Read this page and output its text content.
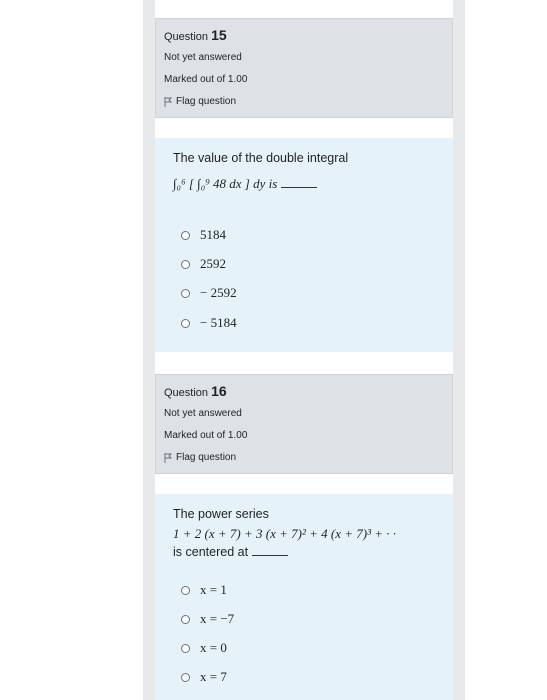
Question 15
Not yet answered
Marked out of 1.00
Flag question
The value of the double integral
∫₀⁶ [ ∫₀⁹ 48 dx ] dy is
5184
2592
− 2592
− 5184
Question 16
Not yet answered
Marked out of 1.00
Flag question
The power series
1 + 2 (x + 7) + 3 (x + 7)² + 4 (x + 7)³ + · ·
is centered at
x = 1
x = −7
x = 0
x = 7
